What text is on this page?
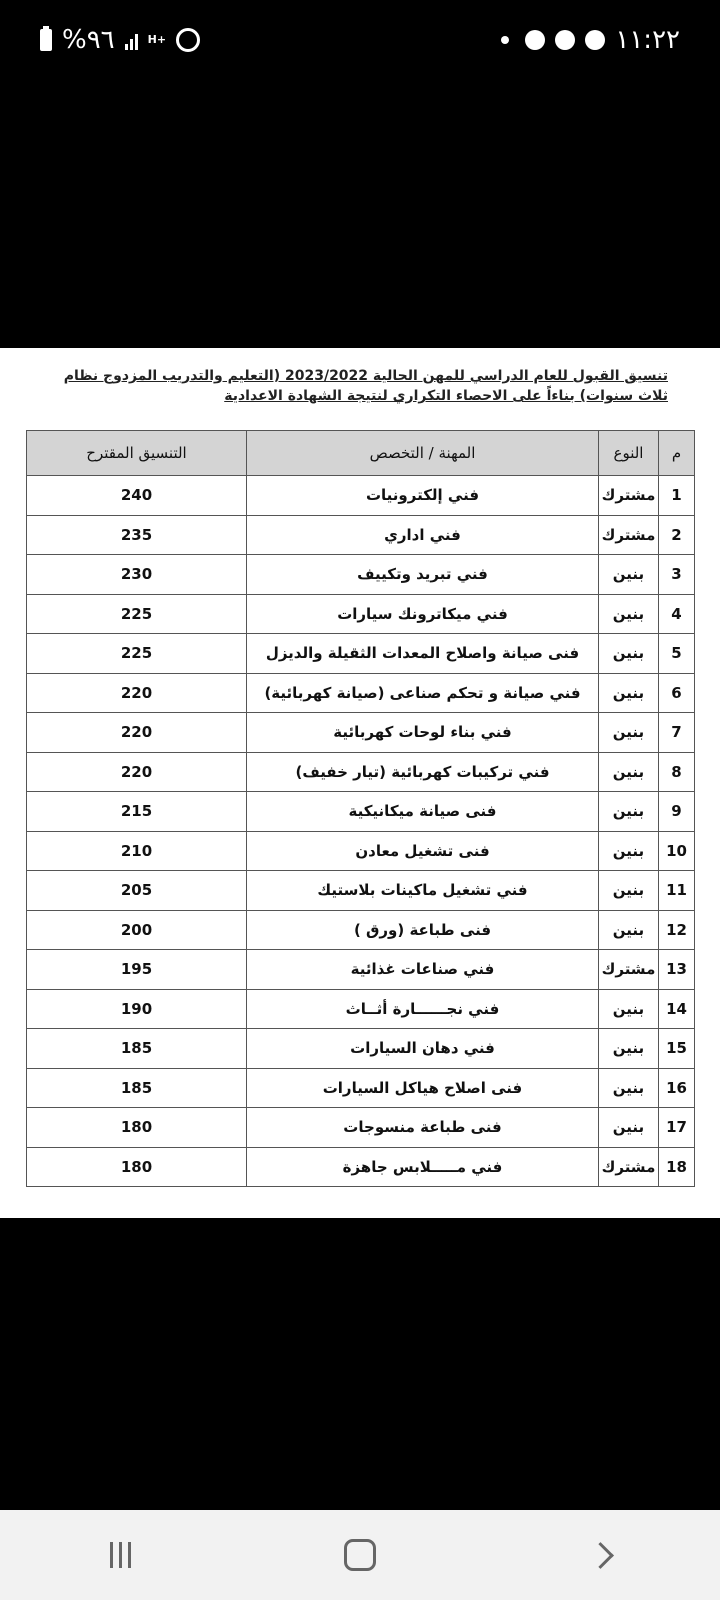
%٩٦	H+	١١:٢٢
تنسيق القبول للعام الدراسي للمهن الحالية 2023/2022 (التعليم والتدريب المزدوج نظام
ثلاث سنوات) بناءاً على الاحصاء التكراري لنتيجة الشهادة الاعدادية
م	النوع	المهنة / التخصص	التنسيق المقترح
1	مشترك	فني إلكترونيات	240
2	مشترك	فني اداري	235
3	بنين	فني تبريد وتكييف	230
4	بنين	فني ميكاترونك سيارات	225
5	بنين	فنى صيانة واصلاح المعدات الثقيلة والديزل	225
6	بنين	فني صيانة و تحكم صناعى (صيانة كهربائية)	220
7	بنين	فني بناء لوحات كهربائية	220
8	بنين	فني تركيبات كهربائية (تيار خفيف)	220
9	بنين	فنى صيانة ميكانيكية	215
10	بنين	فنى تشغيل معادن	210
11	بنين	فني تشغيل ماكينات بلاستيك	205
12	بنين	فنى طباعة (ورق )	200
13	مشترك	فني صناعات غذائية	195
14	بنين	فني نجــــــارة أثــاث	190
15	بنين	فني دهان السيارات	185
16	بنين	فنى اصلاح هياكل السيارات	185
17	بنين	فنى طباعة منسوجات	180
18	مشترك	فني مـــــلابس جاهزة	180
